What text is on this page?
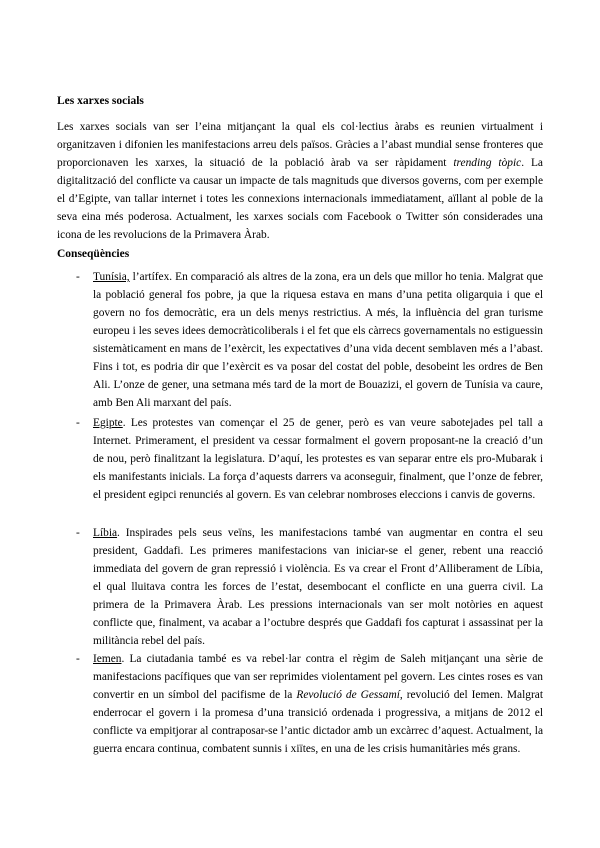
Les xarxes socials

Les xarxes socials van ser l’eina mitjançant la qual els col·lectius àrabs es reunien virtualment i organitzaven i difonien les manifestacions arreu dels països. Gràcies a l’abast mundial sense fronteres que proporcionaven les xarxes, la situació de la població àrab va ser ràpidament trending tòpic. La digitalització del conflicte va causar un impacte de tals magnituds que diversos governs, com per exemple el d’Egipte, van tallar internet i totes les connexions internacionals immediatament, aïllant al poble de la seva eina més poderosa. Actualment, les xarxes socials com Facebook o Twitter són considerades una icona de les revolucions de la Primavera Àrab.

Conseqüències
- Tunísia, l’artífex. En comparació als altres de la zona, era un dels que millor ho tenia. Malgrat que la població general fos pobre, ja que la riquesa estava en mans d’una petita oligarquia i que el govern no fos democràtic, era un dels menys restrictius. A més, la influència del gran turisme europeu i les seves idees democràticoliberals i el fet que els càrrecs governamentals no estiguessin sistemàticament en mans de l’exèrcit, les expectatives d’una vida decent semblaven més a l’abast. Fins i tot, es podria dir que l’exèrcit es va posar del costat del poble, desobeint les ordres de Ben Ali. L’onze de gener, una setmana més tard de la mort de Bouazizi, el govern de Tunísia va caure, amb Ben Ali marxant del país.

- Egipte. Les protestes van començar el 25 de gener, però es van veure sabotejades pel tall a Internet. Primerament, el president va cessar formalment el govern proposant-ne la creació d’un de nou, però finalitzant la legislatura. D’aquí, les protestes es van separar entre els pro-Mubarak i els manifestants inicials. La força d’aquests darrers va aconseguir, finalment, que l’onze de febrer, el president egipci renunciés al govern. Es van celebrar nombroses eleccions i canvis de governs.

- Líbia. Inspirades pels seus veïns, les manifestacions també van augmentar en contra el seu president, Gaddafi. Les primeres manifestacions van iniciar-se el gener, rebent una reacció immediata del govern de gran repressió i violència. Es va crear el Front d’Alliberament de Líbia, el qual lluitava contra les forces de l’estat, desembocant el conflicte en una guerra civil. La primera de la Primavera Àrab. Les pressions internacionals van ser molt notòries en aquest conflicte que, finalment, va acabar a l’octubre després que Gaddafi fos capturat i assassinat per la militància rebel del país.

- Iemen. La ciutadania també es va rebel·lar contra el règim de Saleh mitjançant una sèrie de manifestacions pacífiques que van ser reprimides violentament pel govern. Les cintes roses es van convertir en un símbol del pacifisme de la Revolució de Gessamí, revolució del Iemen. Malgrat enderrocar el govern i la promesa d’una transició ordenada i progressiva, a mitjans de 2012 el conflicte va empitjorar al contraposar-se l’antic dictador amb un excàrrec d’aquest. Actualment, la guerra encara continua, combatent sunnis i xiïtes, en una de les crisis humanitàries més grans.
